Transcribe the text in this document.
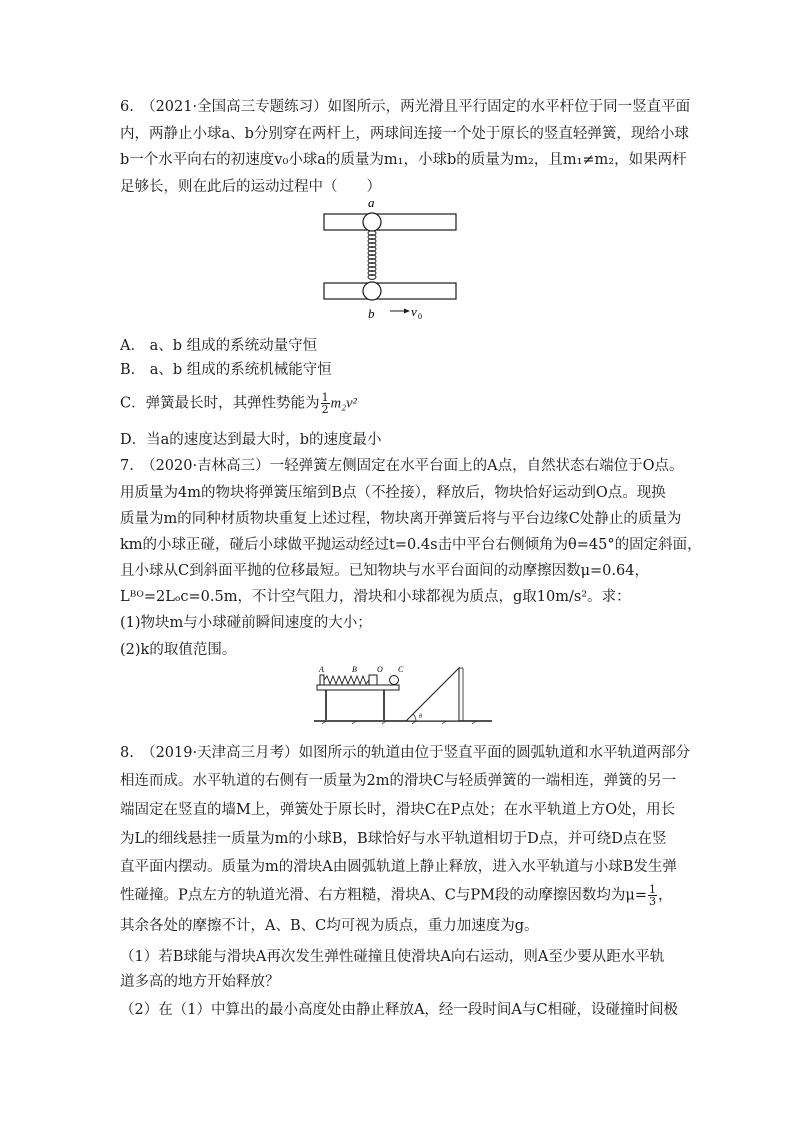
6.　（2021·全国高三专题练习）如图所示，两光滑且平行固定的水平杆位于同一竖直平面
内，两静止小球a、b分别穿在两杆上，两球间连接一个处于原长的竖直轻弹簧，现给小球
b一个水平向右的初速度v₀小球a的质量为m₁，小球b的质量为m₂，且m₁≠m₂，如果两杆
足够长，则在此后的运动过程中（　　）
a
b	v 0
A． a、b 组成的系统动量守恒
B． a、b 组成的系统机械能守恒
C．弹簧最长时，其弹性势能为 $\frac{1}{2} m_2v^2$
D．当a的速度达到最大时，b的速度最小
7.　（2020·吉林高三）一轻弹簧左侧固定在水平台面上的A点，自然状态右端位于O点。
用质量为4m的物块将弹簧压缩到B点（不拴接），释放后，物块恰好运动到O点。现换
质量为m的同种材质物块重复上述过程，物块离开弹簧后将与平台边缘C处静止的质量为
km的小球正碰，碰后小球做平抛运动经过t=0.4s击中平台右侧倾角为θ=45°的固定斜面，
且小球从C到斜面平抛的位移最短。已知物块与水平台面间的动摩擦因数μ=0.64，
Lᴮᴼ=2Lₒc=0.5m，不计空气阻力，滑块和小球都视为质点，g取10m/s²。求：
(1)物块m与小球碰前瞬间速度的大小；
(2)k的取值范围。
A	B	O C
θ
8.　（2019·天津高三月考）如图所示的轨道由位于竖直平面的圆弧轨道和水平轨道两部分
相连而成。水平轨道的右侧有一质量为2m的滑块C与轻质弹簧的一端相连，弹簧的另一
端固定在竖直的墙M上，弹簧处于原长时，滑块C在P点处；在水平轨道上方O处，用长
为L的细线悬挂一质量为m的小球B，B球恰好与水平轨道相切于D点，并可绕D点在竖
直平面内摆动。质量为m的滑块A由圆弧轨道上静止释放，进入水平轨道与小球B发生弹
性碰撞。P点左方的轨道光滑、右方粗糙，滑块A、C与PM段的动摩擦因数均为$\mu= \frac{1}{3}$ ，
其余各处的摩擦不计，A、B、C均可视为质点，重力加速度为g。
（1）若B球能与滑块A再次发生弹性碰撞且使滑块A向右运动，则A至少要从距水平轨
道多高的地方开始释放？
（2）在（1）中算出的最小高度处由静止释放A，经一段时间A与C相碰，设碰撞时间极
